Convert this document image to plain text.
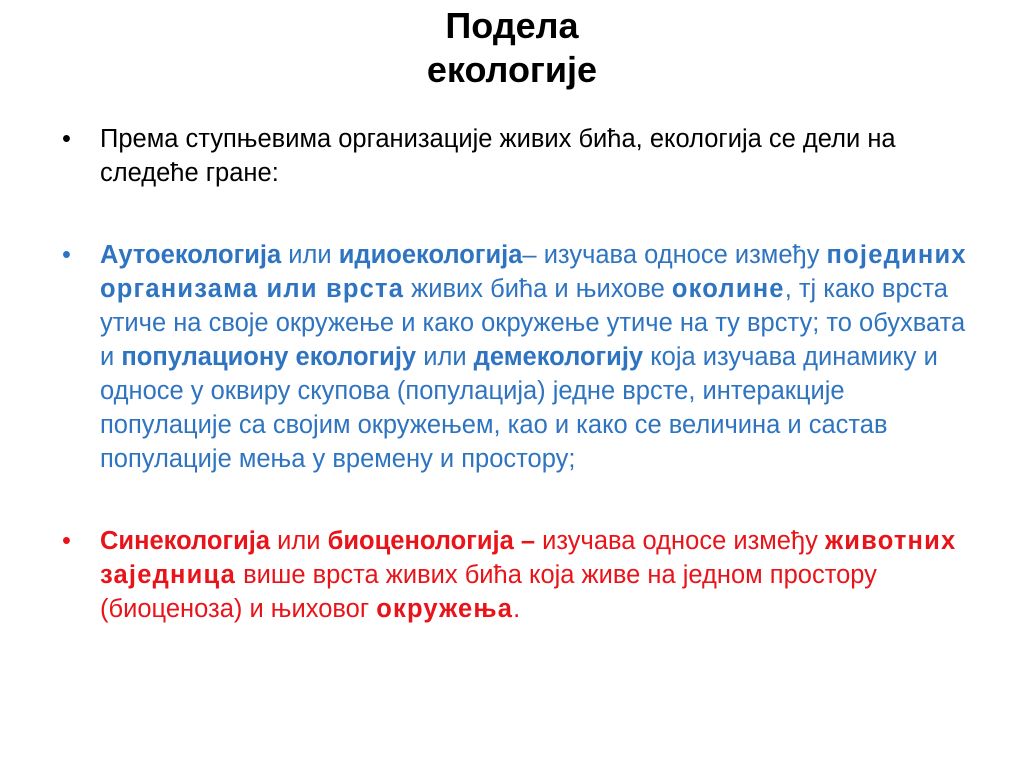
Подела
екологије
• Према ступњевима организације живих бића, екологија се дели на следеће гране:
• Аутоекологија или идиоекологија– изучава односе између појединих организама или врста живих бића и њихове околине, тј како врста утиче на своје окружење и како окружење утиче на ту врсту; то обухвата и популациону екологију или демекологију која изучава динамику и односе у оквиру скупова (популација) једне врсте, интеракције популације са својим окружењем, као и како се величина и састав популације мења у времену и простору;
• Синекологија или биоценологија – изучава односе између животних заједница више врста живих бића која живе на једном простору (биоценоза) и њиховог окружења.
